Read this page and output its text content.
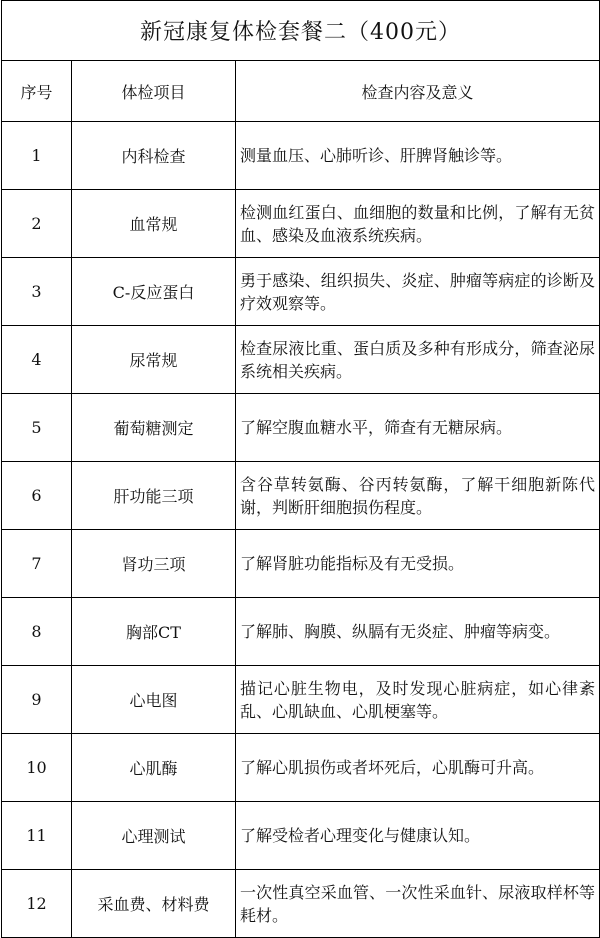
新冠康复体检套餐二（400元）		
序号	体检项目	检查内容及意义
1	内科检查	测量血压、心肺听诊、肝脾肾触诊等。
2	血常规	检测血红蛋白、血细胞的数量和比例，了解有无贫血、感染及血液系统疾病。
3	C-反应蛋白	勇于感染、组织损失、炎症、肿瘤等病症的诊断及疗效观察等。
4	尿常规	检查尿液比重、蛋白质及多种有形成分，筛查泌尿系统相关疾病。
5	葡萄糖测定	了解空腹血糖水平，筛查有无糖尿病。
6	肝功能三项	含谷草转氨酶、谷丙转氨酶，了解干细胞新陈代谢，判断肝细胞损伤程度。
7	肾功三项	了解肾脏功能指标及有无受损。
8	胸部CT	了解肺、胸膜、纵膈有无炎症、肿瘤等病变。
9	心电图	描记心脏生物电，及时发现心脏病症，如心律紊乱、心肌缺血、心肌梗塞等。
10	心肌酶	了解心肌损伤或者坏死后，心肌酶可升高。
11	心理测试	了解受检者心理变化与健康认知。
12	采血费、材料费	一次性真空采血管、一次性采血针、尿液取样杯等耗材。
